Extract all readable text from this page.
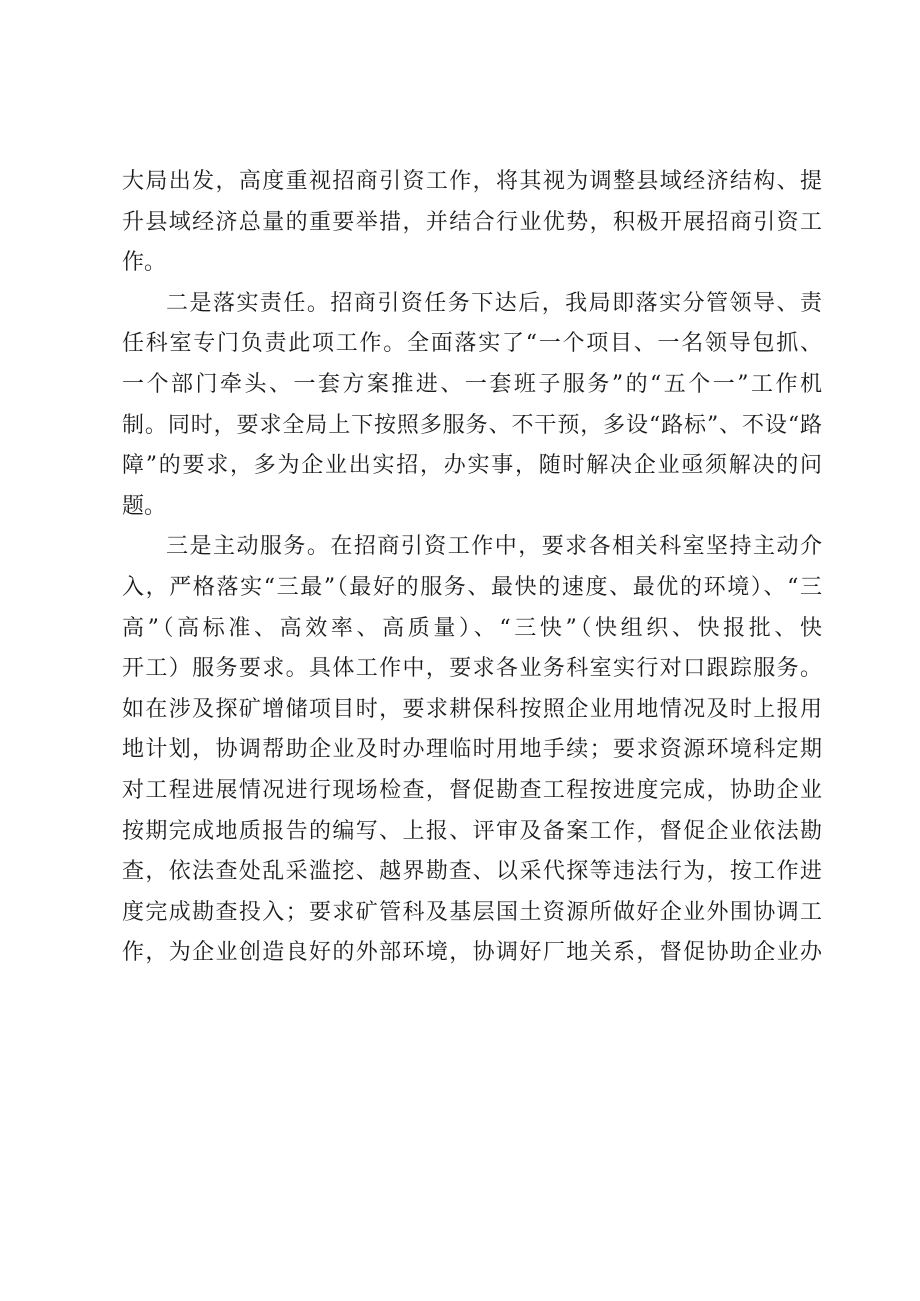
大局出发，高度重视招商引资工作，将其视为调整县域经济结构、提
升县域经济总量的重要举措，并结合行业优势，积极开展招商引资工
作。
二是落实责任。招商引资任务下达后，我局即落实分管领导、责
任科室专门负责此项工作。全面落实了“一个项目、一名领导包抓、
一个部门牵头、一套方案推进、一套班子服务”的“五个一”工作机
制。同时，要求全局上下按照多服务、不干预，多设“路标”、不设“路
障”的要求，多为企业出实招，办实事，随时解决企业亟须解决的问
题。
三是主动服务。在招商引资工作中，要求各相关科室坚持主动介
入，严格落实“三最”（最好的服务、最快的速度、最优的环境）、“三
高”（高标准、高效率、高质量）、“三快”（快组织、快报批、快
开工）服务要求。具体工作中，要求各业务科室实行对口跟踪服务。
如在涉及探矿增储项目时，要求耕保科按照企业用地情况及时上报用
地计划，协调帮助企业及时办理临时用地手续；要求资源环境科定期
对工程进展情况进行现场检查，督促勘查工程按进度完成，协助企业
按期完成地质报告的编写、上报、评审及备案工作，督促企业依法勘
查，依法查处乱采滥挖、越界勘查、以采代探等违法行为，按工作进
度完成勘查投入；要求矿管科及基层国土资源所做好企业外围协调工
作，为企业创造良好的外部环境，协调好厂地关系，督促协助企业办
